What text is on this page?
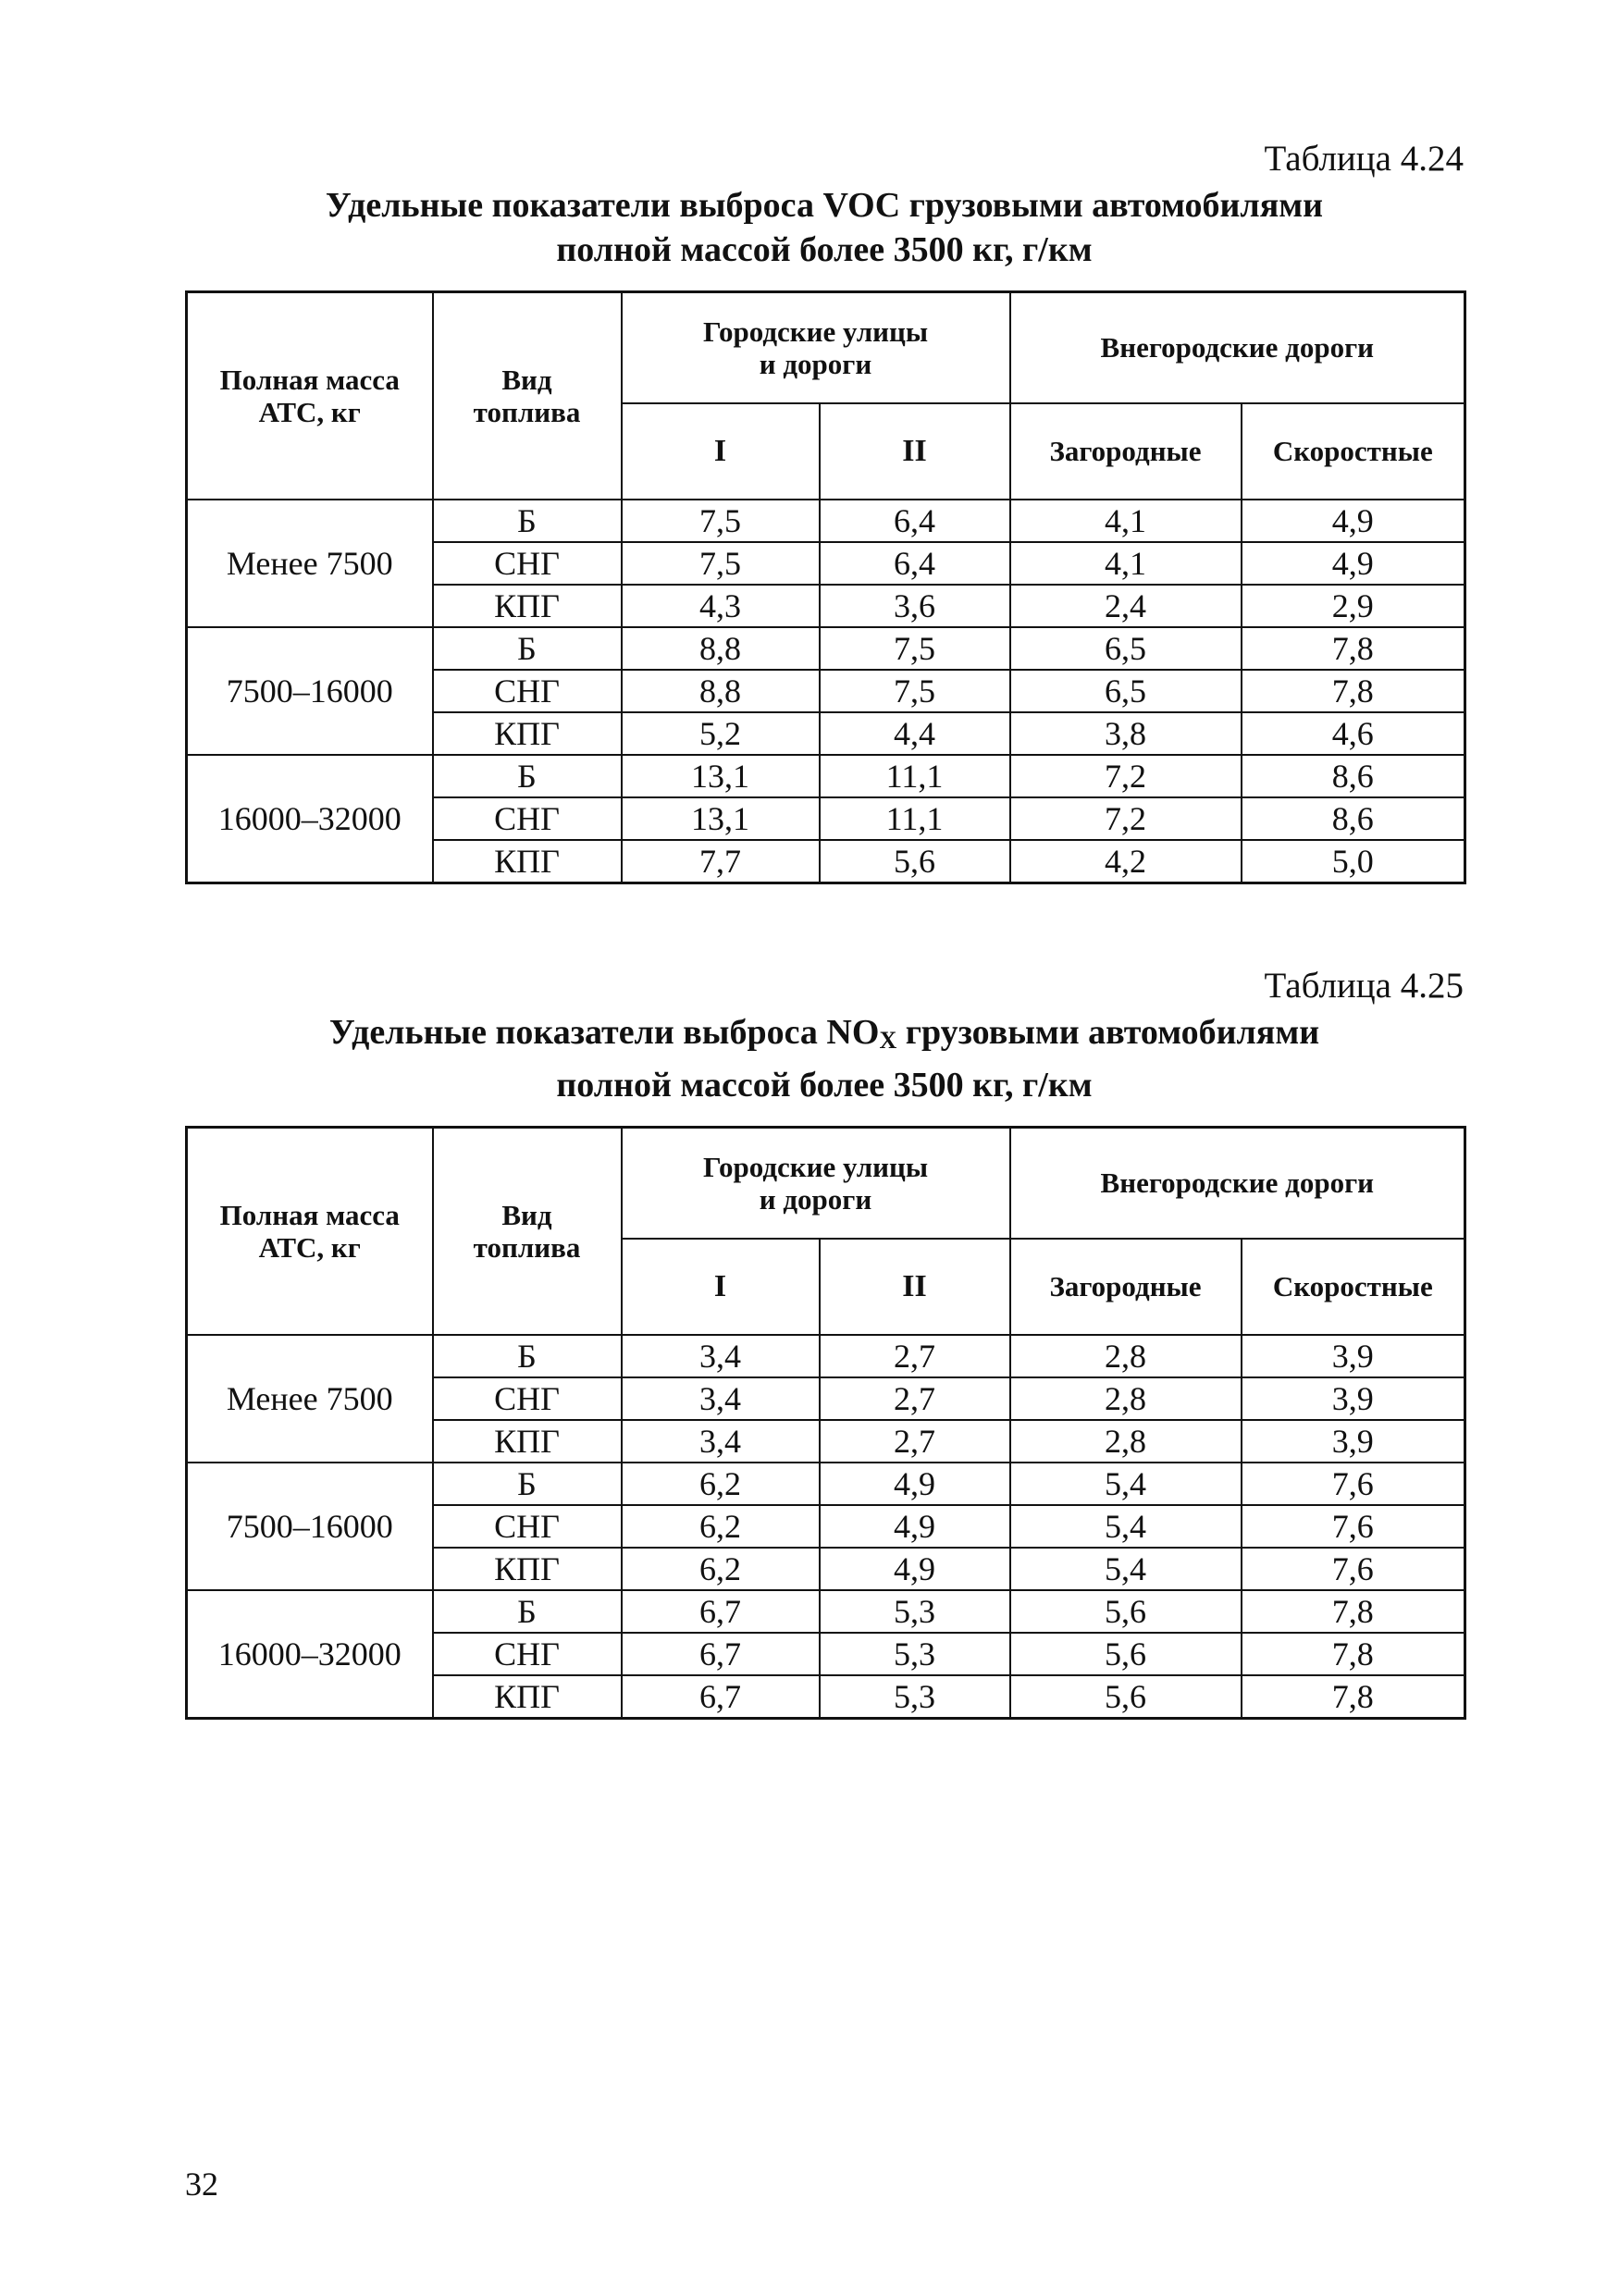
Таблица 4.24
Удельные показатели выброса VOC грузовыми автомобилями
полной массой более 3500 кг, г/км
Полная масса
АТС, кг	Вид
топлива	Городские улицы
и дороги		Внегородские дороги	
		I	II	Загородные	Скоростные
Менее 7500	Б	7,5	6,4	4,1	4,9
	СНГ	7,5	6,4	4,1	4,9
	КПГ	4,3	3,6	2,4	2,9
7500–16000	Б	8,8	7,5	6,5	7,8
	СНГ	8,8	7,5	6,5	7,8
	КПГ	5,2	4,4	3,8	4,6
16000–32000	Б	13,1	11,1	7,2	8,6
	СНГ	13,1	11,1	7,2	8,6
	КПГ	7,7	5,6	4,2	5,0
Таблица 4.25
Удельные показатели выброса $NO_X$ грузовыми автомобилями
полной массой более 3500 кг, г/км
Полная масса
АТС, кг	Вид
топлива	Городские улицы
и дороги		Внегородские дороги	
		I	II	Загородные	Скоростные
Менее 7500	Б	3,4	2,7	2,8	3,9
	СНГ	3,4	2,7	2,8	3,9
	КПГ	3,4	2,7	2,8	3,9
7500–16000	Б	6,2	4,9	5,4	7,6
	СНГ	6,2	4,9	5,4	7,6
	КПГ	6,2	4,9	5,4	7,6
16000–32000	Б	6,7	5,3	5,6	7,8
	СНГ	6,7	5,3	5,6	7,8
	КПГ	6,7	5,3	5,6	7,8
32
